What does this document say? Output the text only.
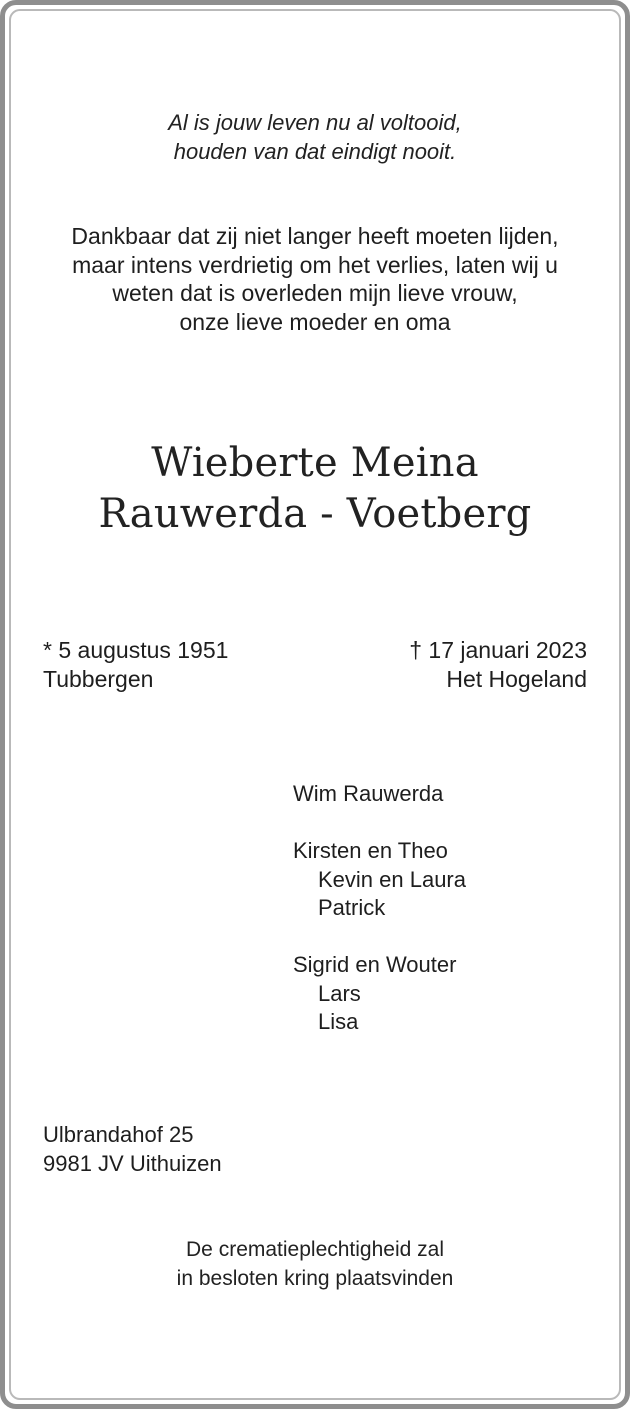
Al is jouw leven nu al voltooid,
houden van dat eindigt nooit.

Dankbaar dat zij niet langer heeft moeten lijden,
maar intens verdrietig om het verlies, laten wij u
weten dat is overleden mijn lieve vrouw,
onze lieve moeder en oma

Wieberte Meina
Rauwerda - Voetberg
* 5 augustus 1951
Tubbergen
† 17 januari 2023
Het Hogeland
Wim Rauwerda
Kirsten en Theo
Kevin en Laura
Patrick
Sigrid en Wouter
Lars
Lisa
Ulbrandahof 25
9981 JV Uithuizen

De crematieplechtigheid zal
in besloten kring plaatsvinden
